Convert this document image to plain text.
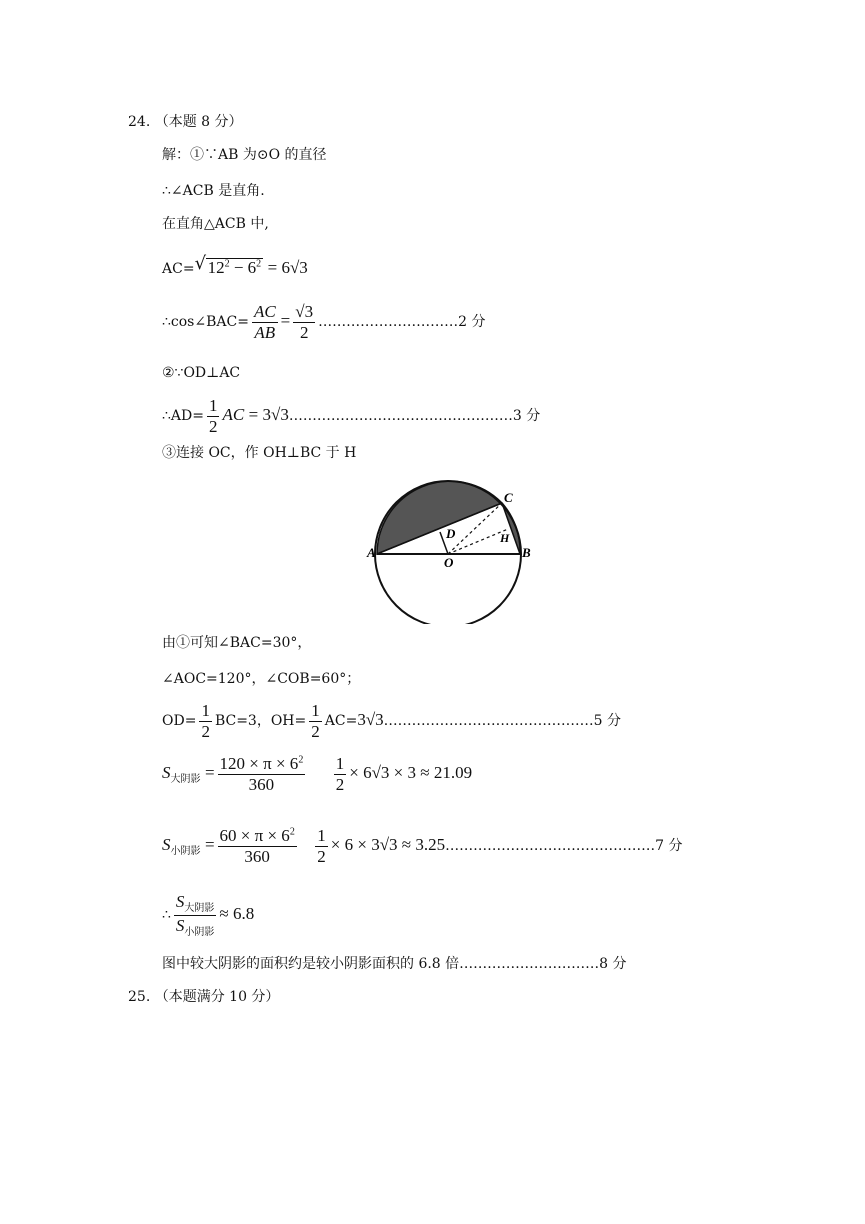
24. （本题 8 分）
解：①∵AB 为⊙O 的直径
∴∠ACB 是直角.
在直角△ACB 中,
AC=√ $12^2 - 6^2 = 6√3$
∴cos∠BAC= $\frac{AC}{AB} = \frac{√3}{2}$ …………………………2 分
②∵OD⊥AC
∴AD= $\frac{1}{2}$ AC = 3√3…………………………………………3 分
③连接 OC，作 OH⊥BC 于 H
A	B
C
D
O
H
由①可知∠BAC=30°，
∠AOC=120°，∠COB=60°；
$OD= \frac{1}{2} BC=3$，$OH= \frac{1}{2}$ AC=3√3………………………………………5 分
$S_{大阴影} = \frac{120 \times \pi \times 6^2}{360}$
$\frac{1}{2} \times 6√3 \times 3 \approx 21.09$
$S_{小阴影} = \frac{60 \times \pi \times 6^2}{360}$
$\frac{1}{2} \times 6 \times 3√3$ ≈ 3.25………………………………………7 分
∴ $\frac{S_{大阴影}}{S_{小阴影}} \approx 6.8$
图中较大阴影的面积约是较小阴影面积的 6.8 倍…………………………8 分
25. （本题满分 10 分）
